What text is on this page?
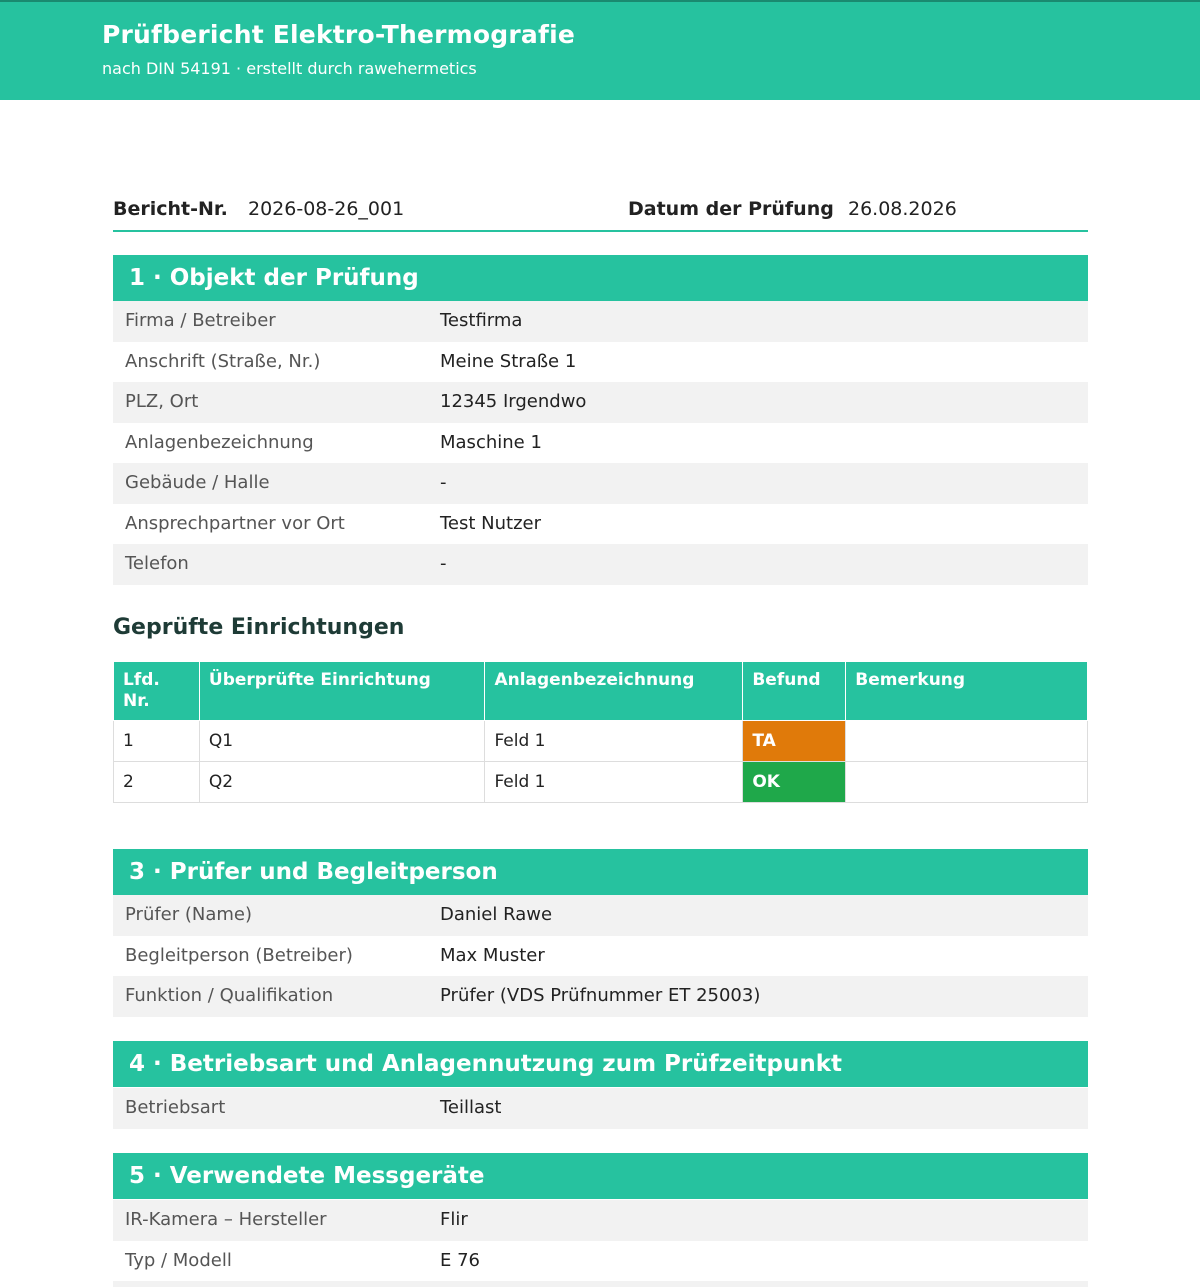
Prüfbericht Elektro-Thermografie
nach DIN 54191 · erstellt durch rawehermetics
Bericht-Nr. 2026-08-26_001	Datum der Prüfung 26.08.2026
1 · Objekt der Prüfung
Firma / Betreiber	Testfirma
Anschrift (Straße, Nr.)	Meine Straße 1
PLZ, Ort	12345 Irgendwo
Anlagenbezeichnung	Maschine 1
Gebäude / Halle	-
Ansprechpartner vor Ort	Test Nutzer
Telefon	-
Geprüfte Einrichtungen
Lfd. Nr.	Überprüfte Einrichtung	Anlagenbezeichnung	Befund	Bemerkung
1	Q1	Feld 1	TA	
2	Q2	Feld 1	OK	
3 · Prüfer und Begleitperson
Prüfer (Name)	Daniel Rawe
Begleitperson (Betreiber)	Max Muster
Funktion / Qualifikation	Prüfer (VDS Prüfnummer ET 25003)
4 · Betriebsart und Anlagennutzung zum Prüfzeitpunkt
Betriebsart	Teillast
5 · Verwendete Messgeräte
IR-Kamera – Hersteller	Flir
Typ / Modell	E 76
